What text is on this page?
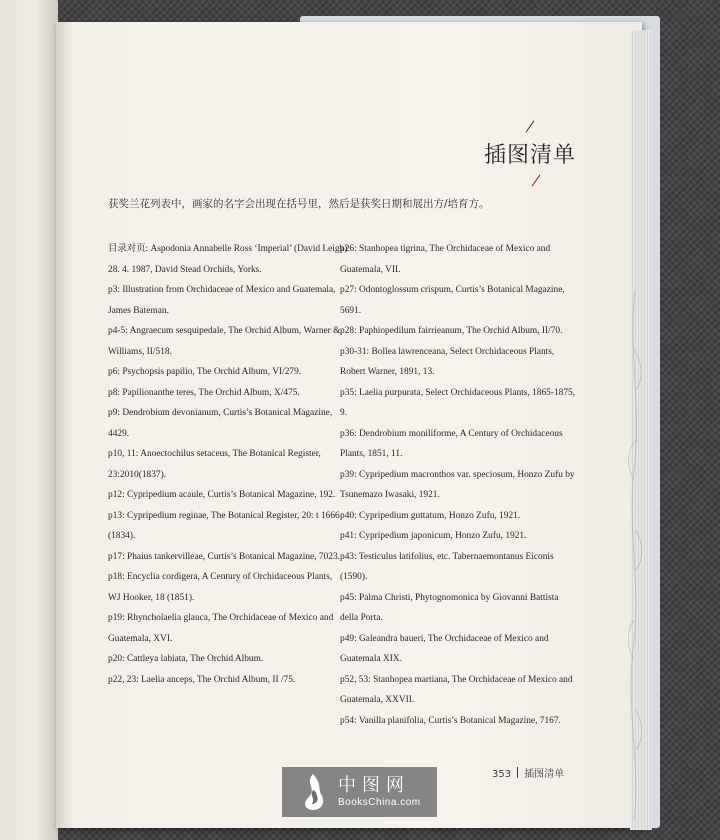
插图清单
获奖兰花列表中，画家的名字会出现在括号里，然后是获奖日期和展出方/培育方。
目录对页: Aspodonia Annabelle Ross ‘Imperial’ (David Leigh)
28. 4. 1987, David Stead Orchids, Yorks.
p3: Illustration from Orchidaceae of Mexico and Guatemala,
James Bateman.
p4-5: Angraecum sesquipedale, The Orchid Album, Warner &
Williams, II/518.
p6: Psychopsis papilio, The Orchid Album, VI/279.
p8: Papilionanthe teres, The Orchid Album, X/475.
p9: Dendrobium devonianum, Curtis’s Botanical Magazine,
4429.
p10, 11: Anoectochilus setaceus, The Botanical Register,
23:2010(1837).
p12: Cypripedium acaule, Curtis’s Botanical Magazine, 192.
p13: Cypripedium reginae, The Botanical Register, 20: t 1666
(1834).
p17: Phaius tankervilleae, Curtis’s Botanical Magazine, 7023.
p18: Encyclia cordigera, A Century of Orchidaceous Plants,
WJ Hooker, 18 (1851).
p19: Rhyncholaelia glauca, The Orchidaceae of Mexico and
Guatemala, XVI.
p20: Cattleya labiata, The Orchid Album.
p22, 23: Laelia anceps, The Orchid Album, II /75.
p26: Stanhopea tigrina, The Orchidaceae of Mexico and
Guatemala, VII.
p27: Odontoglossum crispum, Curtis’s Botanical Magazine, 5691.
p28: Paphiopedilum fairrieanum, The Orchid Album, II/70.
p30-31: Bollea lawrenceana, Select Orchidaceous Plants,
Robert Warner, 1891, 13.
p35: Laelia purpurata, Select Orchidaceous Plants, 1865-1875, 9.
p36: Dendrobium moniliforme, A Century of Orchidaceous
Plants, 1851, 11.
p39: Cypripedium macronthos var. speciosum, Honzo Zufu by
Tsunemazo Iwasaki, 1921.
p40: Cypripedium guttatum, Honzo Zufu, 1921.
p41: Cypripedium japonicum, Honzo Zufu, 1921.
p43: Testiculus latifolius, etc. Tabernaemontanus Eiconis
(1590).
p45: Palma Christi, Phytognomonica by Giovanni Battista
della Porta.
p49: Galeandra baueri, The Orchidaceae of Mexico and
Guatemala XIX.
p52, 53: Stanhopea martiana, The Orchidaceae of Mexico and
Guatemala, XXVII.
p54: Vanilla planifolia, Curtis’s Botanical Magazine, 7167.
353 插图清单
中图网
BooksChina.com
